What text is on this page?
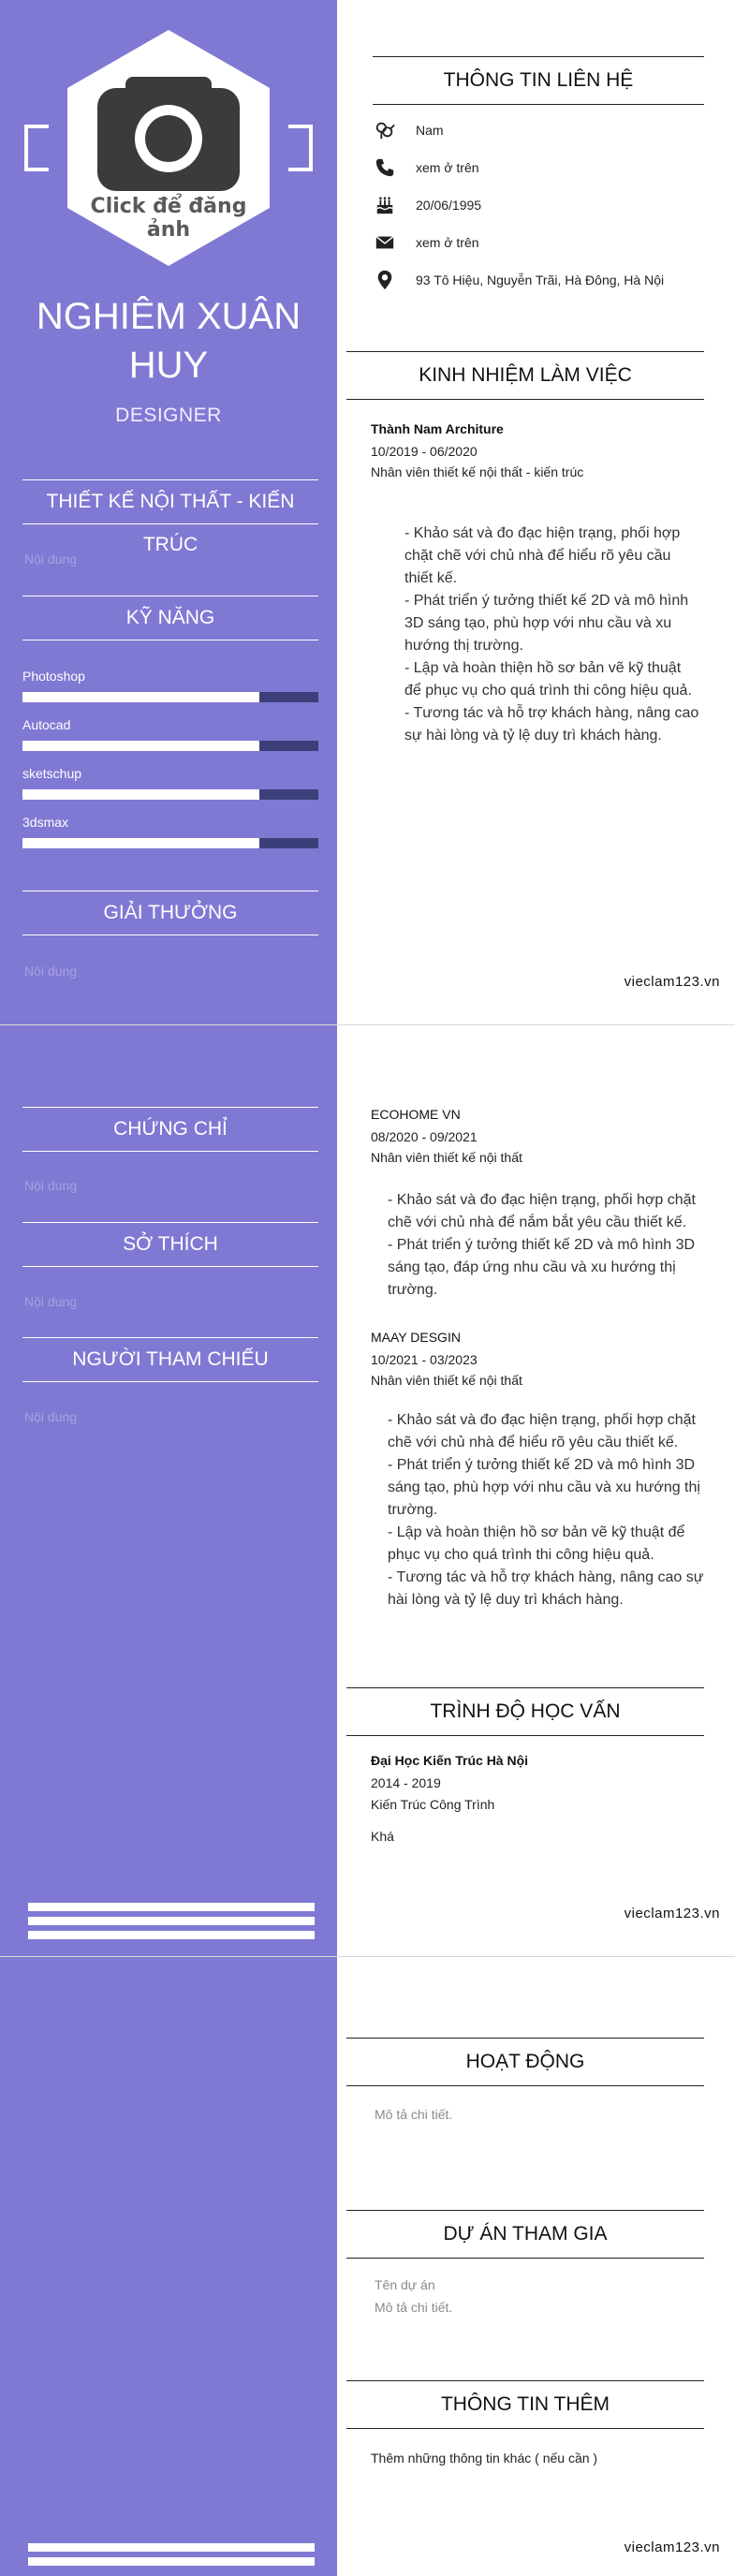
Click để đăng ảnh
NGHIÊM XUÂN HUY
DESIGNER
THIẾT KẾ NỘI THẤT - KIẾN TRÚC
Nội dung
KỸ NĂNG
Photoshop
Autocad
sketschup
3dsmax
GIẢI THƯỞNG
Nội dung
THÔNG TIN LIÊN HỆ
Nam
xem ở trên
20/06/1995
xem ở trên
93 Tô Hiệu, Nguyễn Trãi, Hà Đông, Hà Nội
KINH NHIỆM LÀM VIỆC
Thành Nam Architure
10/2019 - 06/2020
Nhân viên thiết kế nội thất - kiến trúc
- Khảo sát và đo đạc hiện trạng, phối hợp
chặt chẽ với chủ nhà để hiểu rõ yêu cầu
thiết kế.
- Phát triển ý tưởng thiết kế 2D và mô hình
3D sáng tạo, phù hợp với nhu cầu và xu
hướng thị trường.
- Lập và hoàn thiện hồ sơ bản vẽ kỹ thuật
để phục vụ cho quá trình thi công hiệu quả.
- Tương tác và hỗ trợ khách hàng, nâng cao
sự hài lòng và tỷ lệ duy trì khách hàng.
vieclam123.vn
CHỨNG CHỈ
Nội dung
SỞ THÍCH
Nội dung
NGƯỜI THAM CHIẾU
Nội dung
ECOHOME VN
08/2020 - 09/2021
Nhân viên thiết kế nội thất
- Khảo sát và đo đạc hiện trạng, phối hợp chặt
chẽ với chủ nhà để nắm bắt yêu cầu thiết kế.
- Phát triển ý tưởng thiết kế 2D và mô hình 3D
sáng tạo, đáp ứng nhu cầu và xu hướng thị
trường.
MAAY DESGIN
10/2021 - 03/2023
Nhân viên thiết kế nội thất
- Khảo sát và đo đạc hiện trạng, phối hợp chặt
chẽ với chủ nhà để hiểu rõ yêu cầu thiết kế.
- Phát triển ý tưởng thiết kế 2D và mô hình 3D
sáng tạo, phù hợp với nhu cầu và xu hướng thị
trường.
- Lập và hoàn thiện hồ sơ bản vẽ kỹ thuật để
phục vụ cho quá trình thi công hiệu quả.
- Tương tác và hỗ trợ khách hàng, nâng cao sự
hài lòng và tỷ lệ duy trì khách hàng.
TRÌNH ĐỘ HỌC VẤN
Đại Học Kiến Trúc Hà Nội
2014 - 2019
Kiến Trúc Công Trình
Khá
vieclam123.vn
HOẠT ĐỘNG
Mô tả chi tiết.
DỰ ÁN THAM GIA
Tên dự án
Mô tả chi tiết.
THÔNG TIN THÊM
Thêm những thông tin khác ( nếu cần )
vieclam123.vn
